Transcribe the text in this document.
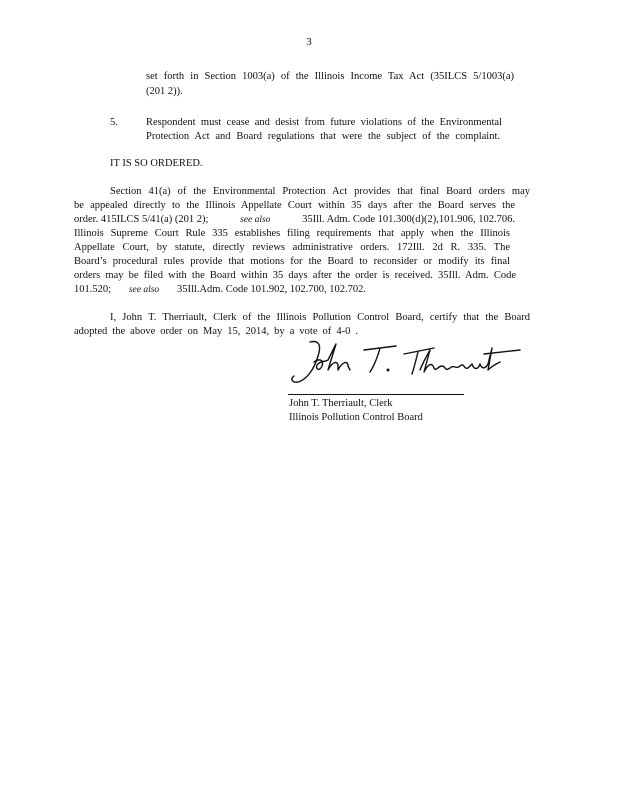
3
set forth in Section 1003(a) of the Illinois Income Tax Act (35ILCS 5/1003(a)
(201 2)).
5.	Respondent must cease and desist from future violations of the Environmental
Protection Act and Board regulations that were the subject of the complaint.
IT IS SO ORDERED.
Section 41(a) of the Environmental Protection Act provides that final Board orders may
be appealed directly to the Illinois Appellate Court within 35 days after the Board serves the
order. 415ILCS 5/41(a) (201 2);	see also	35Ill. Adm. Code 101.300(d)(2),101.906, 102.706.
Illinois Supreme Court Rule 335 establishes filing requirements that apply when the Illinois
Appellate Court, by statute, directly reviews administrative orders. 172Ill. 2d R. 335. The
Board’s procedural rules provide that motions for the Board to reconsider or modify its final
orders may be filed with the Board within 35 days after the order is received. 35Ill. Adm. Code
101.520; see also 35Ill.Adm. Code 101.902, 102.700, 102.702.
I, John T. Therriault, Clerk of the Illinois Pollution Control Board, certify that the Board
adopted the above order on May 15, 2014, by a vote of 4-0 .
John T. Therriault, Clerk
Illinois Pollution Control Board
